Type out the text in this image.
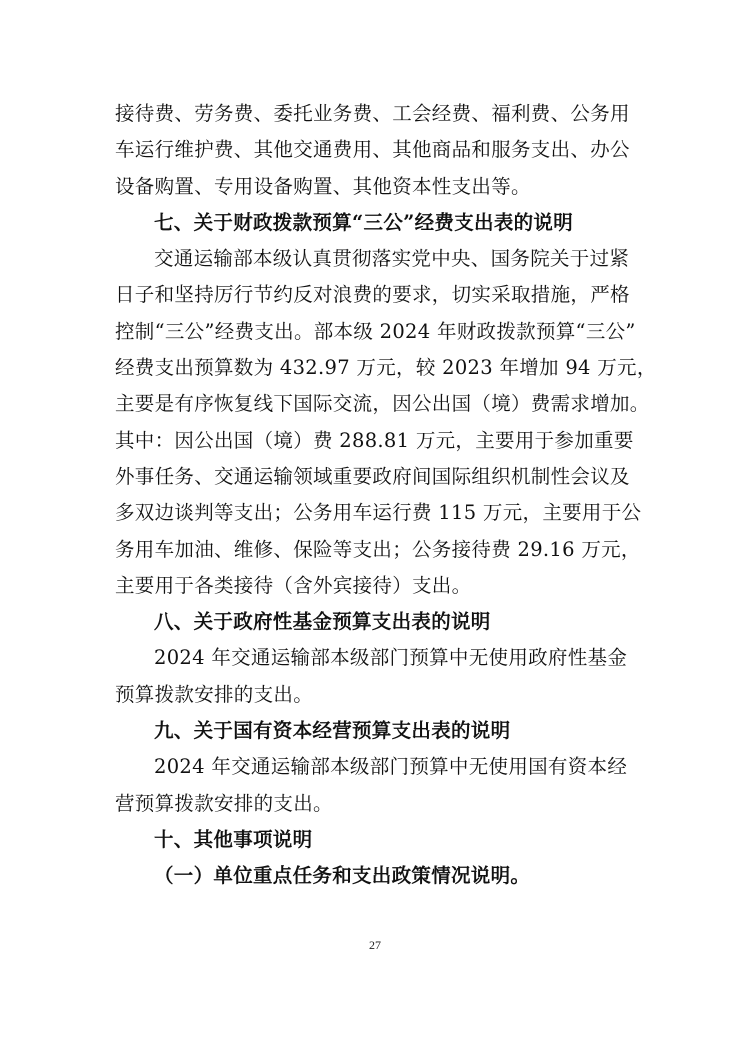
接待费、劳务费、委托业务费、工会经费、福利费、公务用
车运行维护费、其他交通费用、其他商品和服务支出、办公
设备购置、专用设备购置、其他资本性支出等。
七、关于财政拨款预算“三公”经费支出表的说明
交通运输部本级认真贯彻落实党中央、国务院关于过紧
日子和坚持厉行节约反对浪费的要求，切实采取措施，严格
控制“三公”经费支出。部本级 2024 年财政拨款预算“三公”
经费支出预算数为 432.97 万元，较 2023 年增加 94 万元，
主要是有序恢复线下国际交流，因公出国（境）费需求增加。
其中：因公出国（境）费 288.81 万元，主要用于参加重要
外事任务、交通运输领域重要政府间国际组织机制性会议及
多双边谈判等支出；公务用车运行费 115 万元，主要用于公
务用车加油、维修、保险等支出；公务接待费 29.16 万元，
主要用于各类接待（含外宾接待）支出。
八、关于政府性基金预算支出表的说明
2024 年交通运输部本级部门预算中无使用政府性基金
预算拨款安排的支出。
九、关于国有资本经营预算支出表的说明
2024 年交通运输部本级部门预算中无使用国有资本经
营预算拨款安排的支出。
十、其他事项说明
（一）单位重点任务和支出政策情况说明。
27
